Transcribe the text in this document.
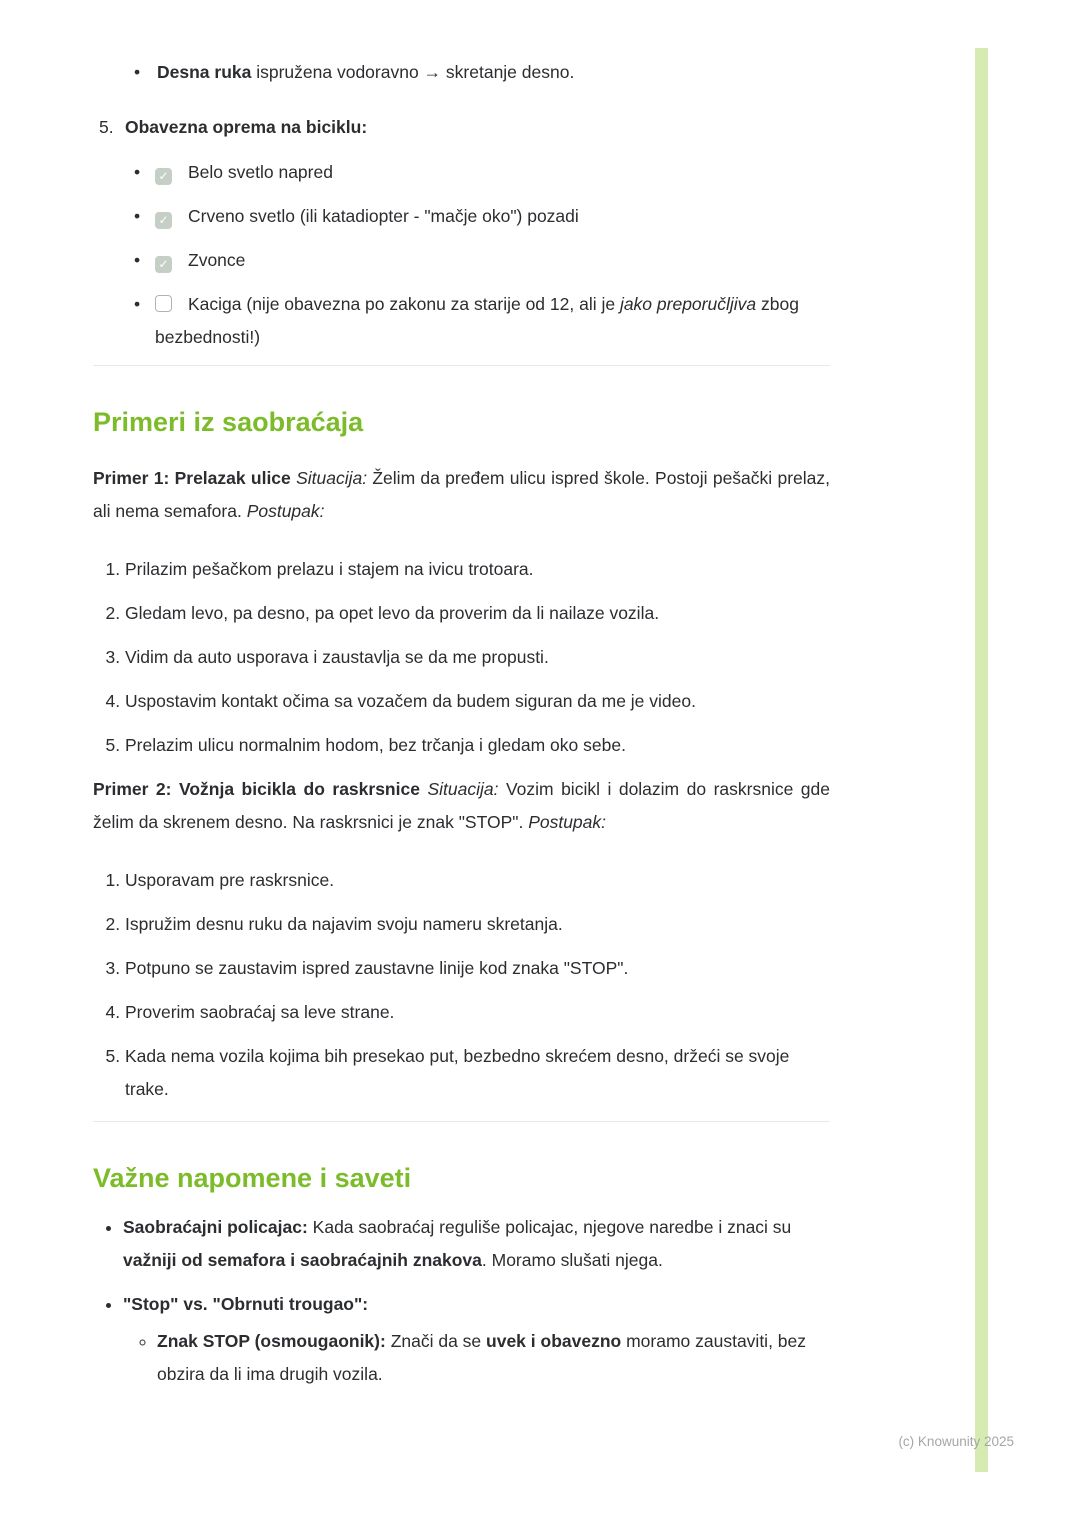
(c) Knowunity 2025
• Desna ruka ispružena vodoravno → skretanje desno.
5. Obavezna oprema na biciklu:
✓• Belo svetlo napred
✓• Crveno svetlo (ili katadiopter - "mačje oko") pozadi
✓• Zvonce
• Kaciga (nije obavezna po zakonu za starije od 12, ali je jako preporučljiva zbog bezbednosti!)
Primeri iz saobraćaja

Primer 1: Prelazak ulice Situacija: Želim da pređem ulicu ispred škole. Postoji pešački prelaz, ali nema semafora. Postupak:

1. Prilazim pešačkom prelazu i stajem na ivicu trotoara.
2. Gledam levo, pa desno, pa opet levo da proverim da li nailaze vozila.
3. Vidim da auto usporava i zaustavlja se da me propusti.
4. Uspostavim kontakt očima sa vozačem da budem siguran da me je video.
5. Prelazim ulicu normalnim hodom, bez trčanja i gledam oko sebe.

Primer 2: Vožnja bicikla do raskrsnice Situacija: Vozim bicikl i dolazim do raskrsnice gde želim da skrenem desno. Na raskrsnici je znak "STOP". Postupak:

1. Usporavam pre raskrsnice.
2. Ispružim desnu ruku da najavim svoju nameru skretanja.
3. Potpuno se zaustavim ispred zaustavne linije kod znaka "STOP".
4. Proverim saobraćaj sa leve strane.
5. Kada nema vozila kojima bih presekao put, bezbedno skrećem desno, držeći se svoje trake.
Važne napomene i saveti
• Saobraćajni policajac: Kada saobraćaj reguliše policajac, njegove naredbe i znaci su važniji od semafora i saobraćajnih znakova. Moramo slušati njega.
• "Stop" vs. "Obrnuti trougao":
◦ Znak STOP (osmougaonik): Znači da se uvek i obavezno moramo zaustaviti, bez obzira da li ima drugih vozila.
